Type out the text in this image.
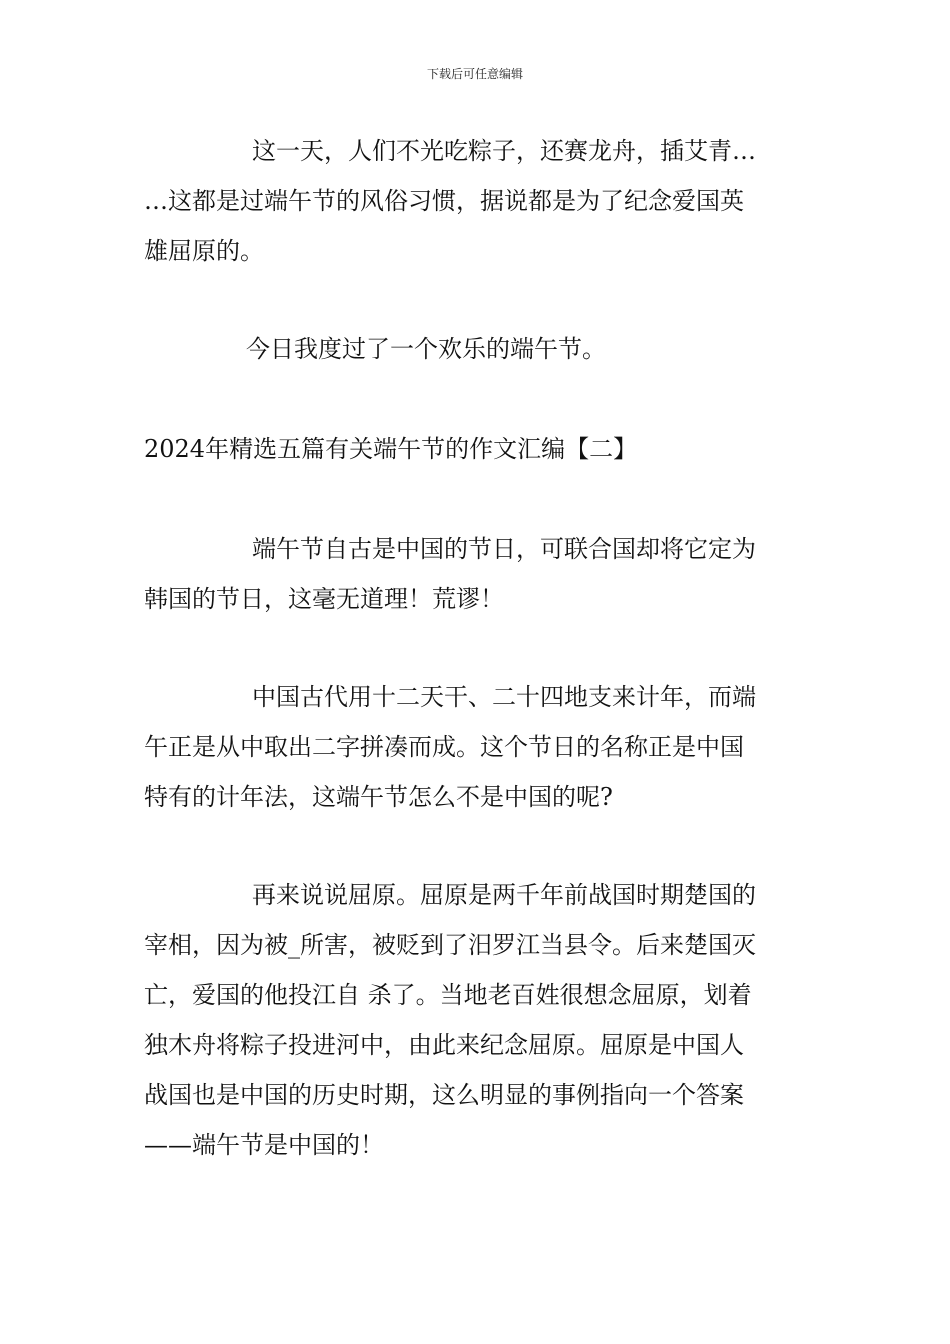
下载后可任意编辑
这一天，人们不光吃粽子，还赛龙舟，插艾青…
…这都是过端午节的风俗习惯，据说都是为了纪念爱国英
雄屈原的。
今日我度过了一个欢乐的端午节。
2024年精选五篇有关端午节的作文汇编【二】
端午节自古是中国的节日，可联合国却将它定为
韩国的节日，这毫无道理！荒谬！
中国古代用十二天干、二十四地支来计年，而端
午正是从中取出二字拼凑而成。这个节日的名称正是中国
特有的计年法，这端午节怎么不是中国的呢?
再来说说屈原。屈原是两千年前战国时期楚国的
宰相，因为被_所害，被贬到了汨罗江当县令。后来楚国灭
亡，爱国的他投江自 杀了。当地老百姓很想念屈原，划着
独木舟将粽子投进河中，由此来纪念屈原。屈原是中国人
战国也是中国的历史时期，这么明显的事例指向一个答案
——端午节是中国的！
